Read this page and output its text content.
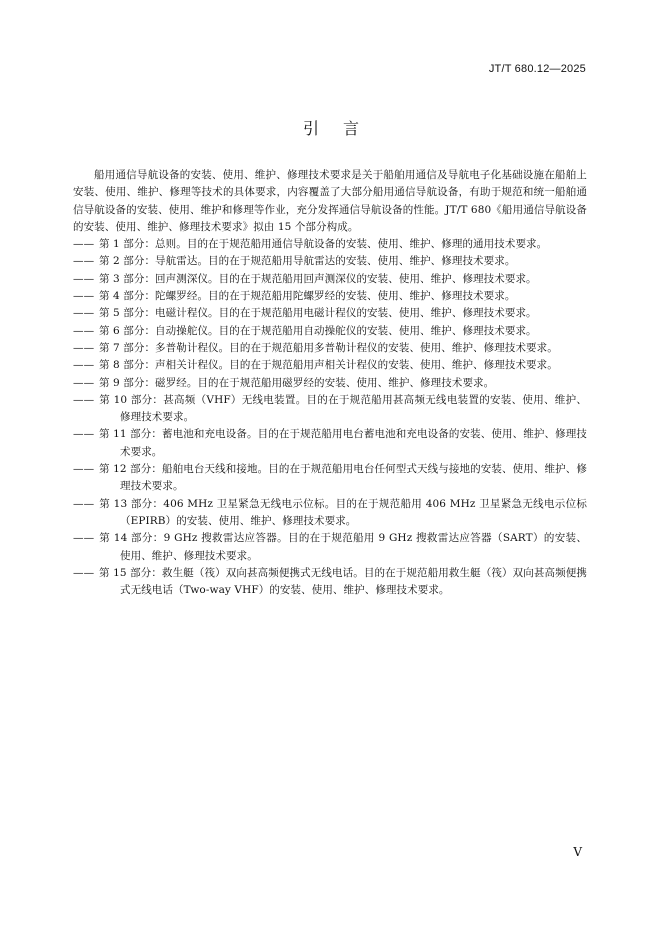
JT/T 680.12—2025
引言

船用通信导航设备的安装、使用、维护、修理技术要求是关于船舶用通信及导航电子化基础设施在船舶上安装、使用、维护、修理等技术的具体要求，内容覆盖了大部分船用通信导航设备，有助于规范和统一船舶通信导航设备的安装、使用、维护和修理等作业，充分发挥通信导航设备的性能。JT/T 680《船用通信导航设备的安装、使用、维护、修理技术要求》拟由 15 个部分构成。

—— 第 1 部分：总则。目的在于规范船用通信导航设备的安装、使用、维护、修理的通用技术要求。
—— 第 2 部分：导航雷达。目的在于规范船用导航雷达的安装、使用、维护、修理技术要求。
—— 第 3 部分：回声测深仪。目的在于规范船用回声测深仪的安装、使用、维护、修理技术要求。
—— 第 4 部分：陀螺罗经。目的在于规范船用陀螺罗经的安装、使用、维护、修理技术要求。
—— 第 5 部分：电磁计程仪。目的在于规范船用电磁计程仪的安装、使用、维护、修理技术要求。
—— 第 6 部分：自动操舵仪。目的在于规范船用自动操舵仪的安装、使用、维护、修理技术要求。
—— 第 7 部分：多普勒计程仪。目的在于规范船用多普勒计程仪的安装、使用、维护、修理技术要求。
—— 第 8 部分：声相关计程仪。目的在于规范船用声相关计程仪的安装、使用、维护、修理技术要求。
—— 第 9 部分：磁罗经。目的在于规范船用磁罗经的安装、使用、维护、修理技术要求。
—— 第 10 部分：甚高频（VHF）无线电装置。目的在于规范船用甚高频无线电装置的安装、使用、维护、修理技术要求。
—— 第 11 部分：蓄电池和充电设备。目的在于规范船用电台蓄电池和充电设备的安装、使用、维护、修理技术要求。
—— 第 12 部分：船舶电台天线和接地。目的在于规范船用电台任何型式天线与接地的安装、使用、维护、修理技术要求。
—— 第 13 部分：406 MHz 卫星紧急无线电示位标。目的在于规范船用 406 MHz 卫星紧急无线电示位标（EPIRB）的安装、使用、维护、修理技术要求。
—— 第 14 部分：9 GHz 搜救雷达应答器。目的在于规范船用 9 GHz 搜救雷达应答器（SART）的安装、使用、维护、修理技术要求。
—— 第 15 部分：救生艇（筏）双向甚高频便携式无线电话。目的在于规范船用救生艇（筏）双向甚高频便携式无线电话（Two-way VHF）的安装、使用、维护、修理技术要求。
V
